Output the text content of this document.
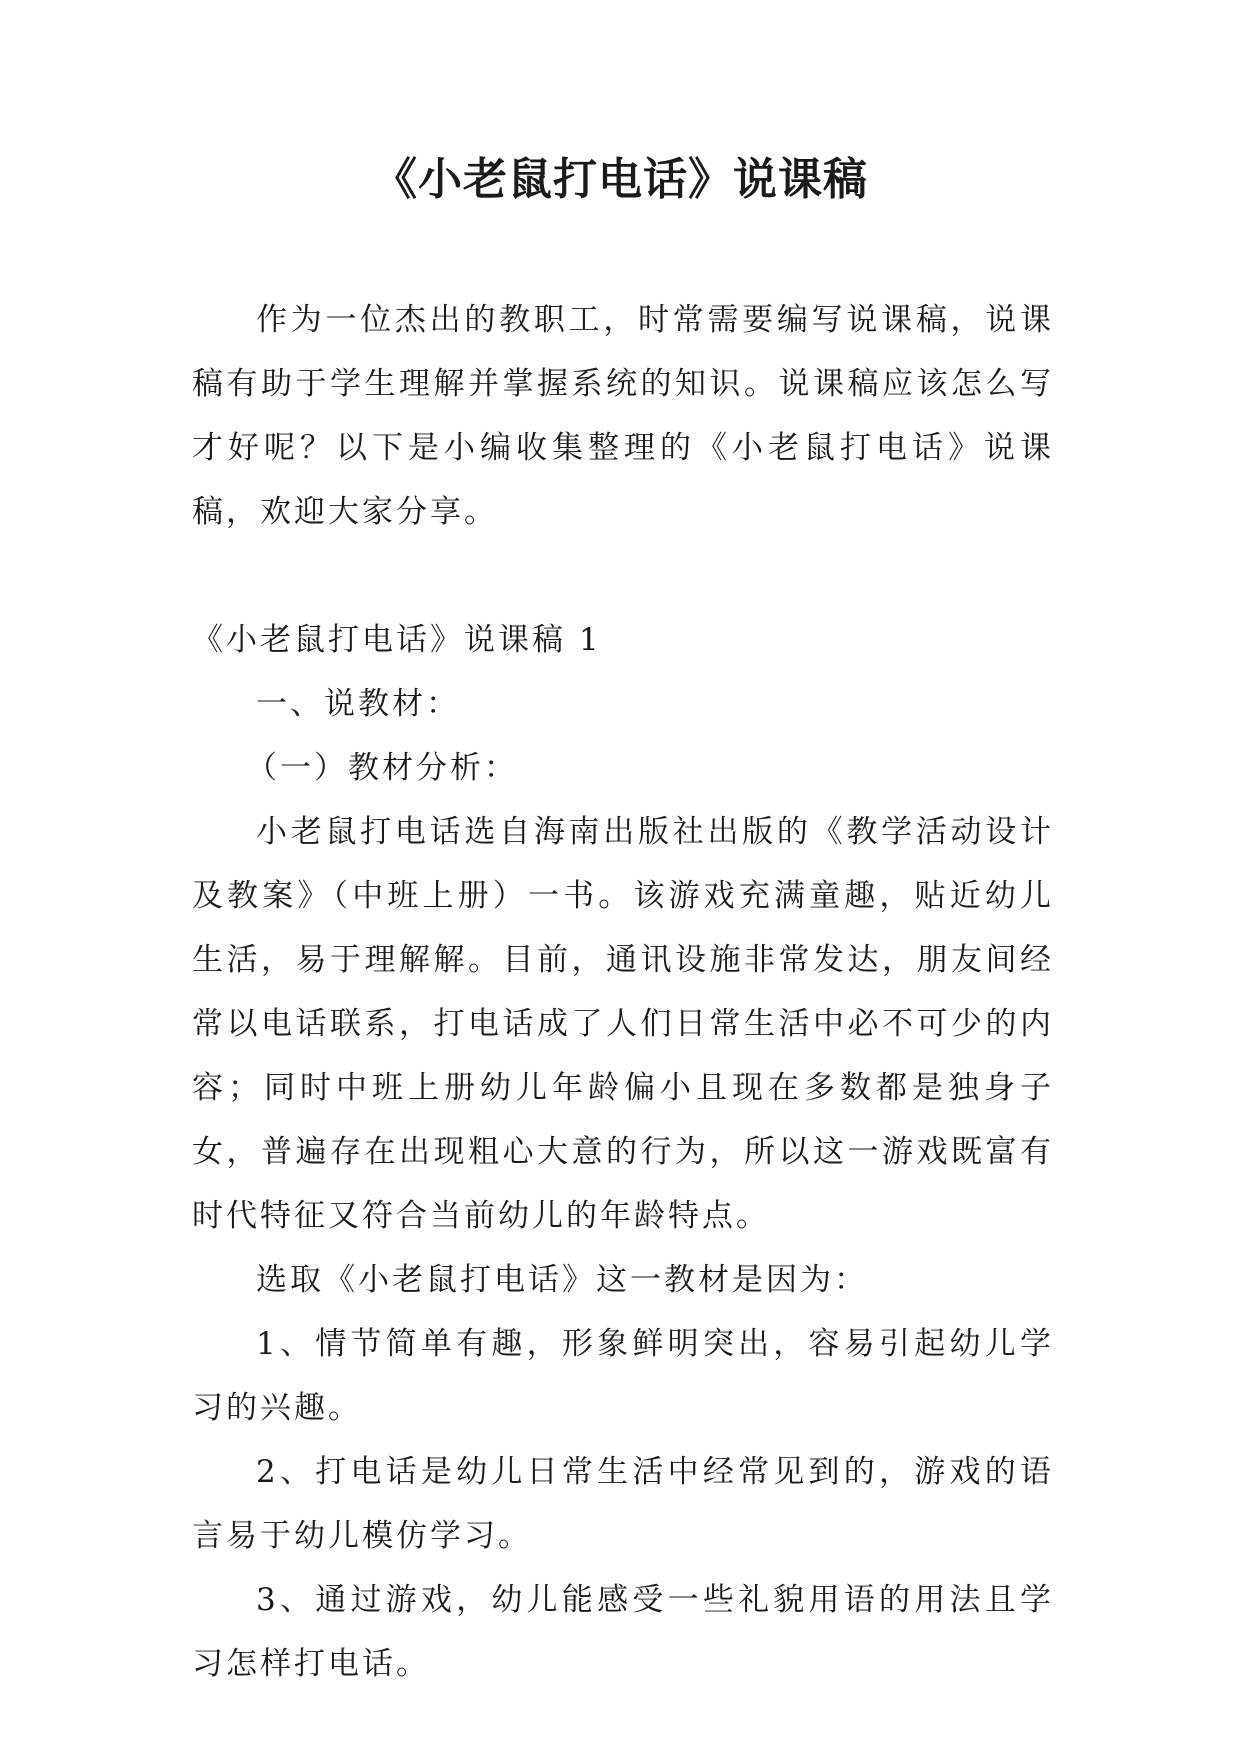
《小老鼠打电话》说课稿

作为一位杰出的教职工，时常需要编写说课稿，说课稿有助于学生理解并掌握系统的知识。说课稿应该怎么写才好呢？以下是小编收集整理的《小老鼠打电话》说课稿，欢迎大家分享。

《小老鼠打电话》说课稿 1

一、说教材：

（一）教材分析：

小老鼠打电话选自海南出版社出版的《教学活动设计及教案》（中班上册）一书。该游戏充满童趣，贴近幼儿生活，易于理解解。目前，通讯设施非常发达，朋友间经常以电话联系，打电话成了人们日常生活中必不可少的内容；同时中班上册幼儿年龄偏小且现在多数都是独身子女，普遍存在出现粗心大意的行为，所以这一游戏既富有时代特征又符合当前幼儿的年龄特点。

选取《小老鼠打电话》这一教材是因为：

1、情节简单有趣，形象鲜明突出，容易引起幼儿学习的兴趣。

2、打电话是幼儿日常生活中经常见到的，游戏的语言易于幼儿模仿学习。

3、通过游戏，幼儿能感受一些礼貌用语的用法且学习怎样打电话。
